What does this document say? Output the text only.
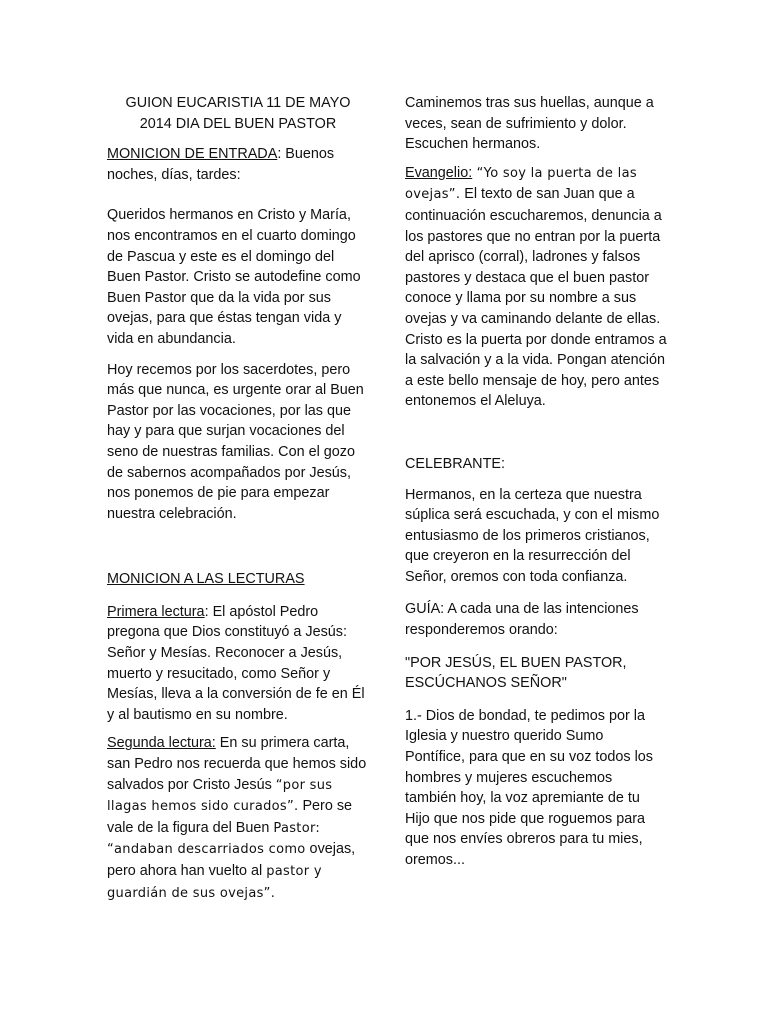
GUION EUCARISTIA 11 DE MAYO
2014 DIA DEL BUEN PASTOR

MONICION DE ENTRADA: Buenos noches, días, tardes:

Queridos hermanos en Cristo y María, nos encontramos en el cuarto domingo de Pascua y este es el domingo del Buen Pastor. Cristo se autodefine como Buen Pastor que da la vida por sus ovejas, para que éstas tengan vida y vida en abundancia.

Hoy recemos por los sacerdotes, pero más que nunca, es urgente orar al Buen Pastor por las vocaciones, por las que hay y para que surjan vocaciones del seno de nuestras familias. Con el gozo de sabernos acompañados por Jesús, nos ponemos de pie para empezar nuestra celebración.

MONICION A LAS LECTURAS

Primera lectura: El apóstol Pedro pregona que Dios constituyó a Jesús: Señor y Mesías. Reconocer a Jesús, muerto y resucitado, como Señor y Mesías, lleva a la conversión de fe en Él y al bautismo en su nombre.

Segunda lectura: En su primera carta, san Pedro nos recuerda que hemos sido salvados por Cristo Jesús “por sus llagas hemos sido curados”. Pero se vale de la figura del Buen Pastor: “andaban descarriados como ovejas, pero ahora han vuelto al pastor y guardián de sus ovejas”.

Caminemos tras sus huellas, aunque a veces, sean de sufrimiento y dolor. Escuchen hermanos.

Evangelio: “Yo soy la puerta de las ovejas”. El texto de san Juan que a continuación escucharemos, denuncia a los pastores que no entran por la puerta del aprisco (corral), ladrones y falsos pastores y destaca que el buen pastor conoce y llama por su nombre a sus ovejas y va caminando delante de ellas. Cristo es la puerta por donde entramos a la salvación y a la vida. Pongan atención a este bello mensaje de hoy, pero antes entonemos el Aleluya.

CELEBRANTE:

Hermanos, en la certeza que nuestra súplica será escuchada, y con el mismo entusiasmo de los primeros cristianos, que creyeron en la resurrección del Señor, oremos con toda confianza.

GUÍA: A cada una de las intenciones responderemos orando:

"POR JESÚS, EL BUEN PASTOR, ESCÚCHANOS SEÑOR"

1.- Dios de bondad, te pedimos por la Iglesia y nuestro querido Sumo Pontífice, para que en su voz todos los hombres y mujeres escuchemos también hoy, la voz apremiante de tu Hijo que nos pide que roguemos para que nos envíes obreros para tu mies, oremos...
